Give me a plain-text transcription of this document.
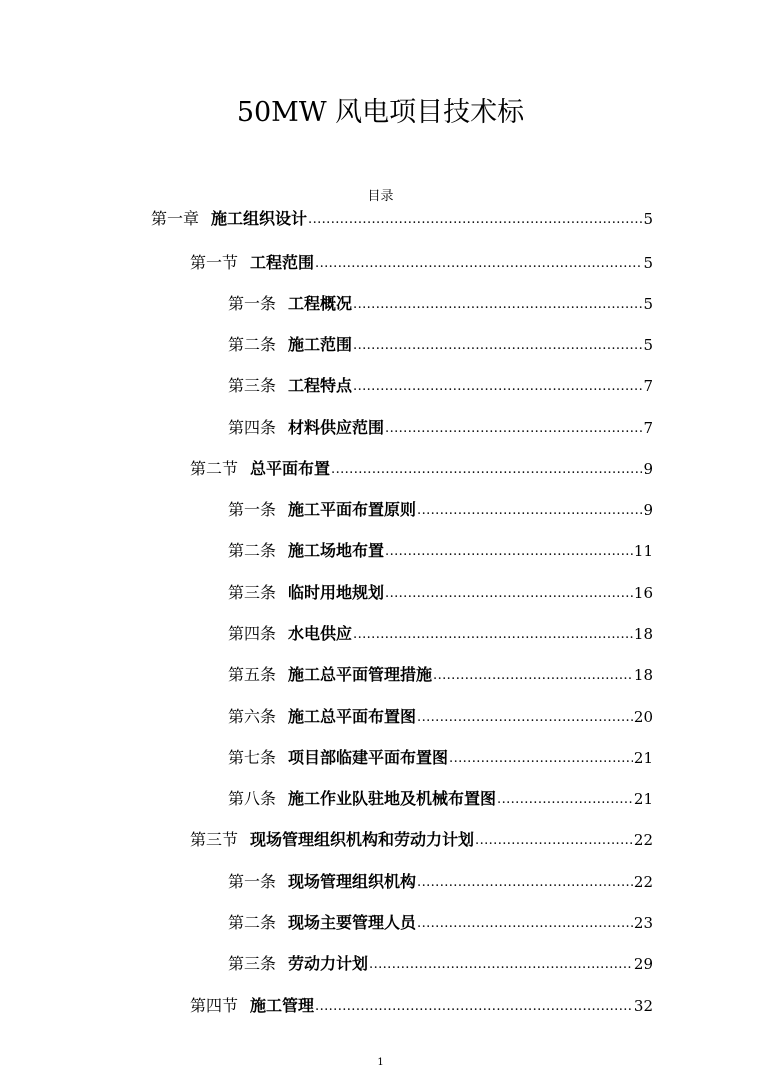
50MW 风电项目技术标
目录
第一章 施工组织设计 .....	5
第一节 工程范围 .....	5
第一条 工程概况 .....	5
第二条 施工范围 .....	5
第三条 工程特点 .....	7
第四条 材料供应范围 .....	7
第二节 总平面布置 .....	9
第一条 施工平面布置原则 .....	9
第二条 施工场地布置 .....	11
第三条 临时用地规划 .....	16
第四条 水电供应 .....	18
第五条 施工总平面管理措施 .....	18
第六条 施工总平面布置图 .....	20
第七条 项目部临建平面布置图 .....	21
第八条 施工作业队驻地及机械布置图 .....	21
第三节 现场管理组织机构和劳动力计划 .....	22
第一条 现场管理组织机构 .....	22
第二条 现场主要管理人员 .....	23
第三条 劳动力计划 .....	29
第四节 施工管理 .....	32
1
